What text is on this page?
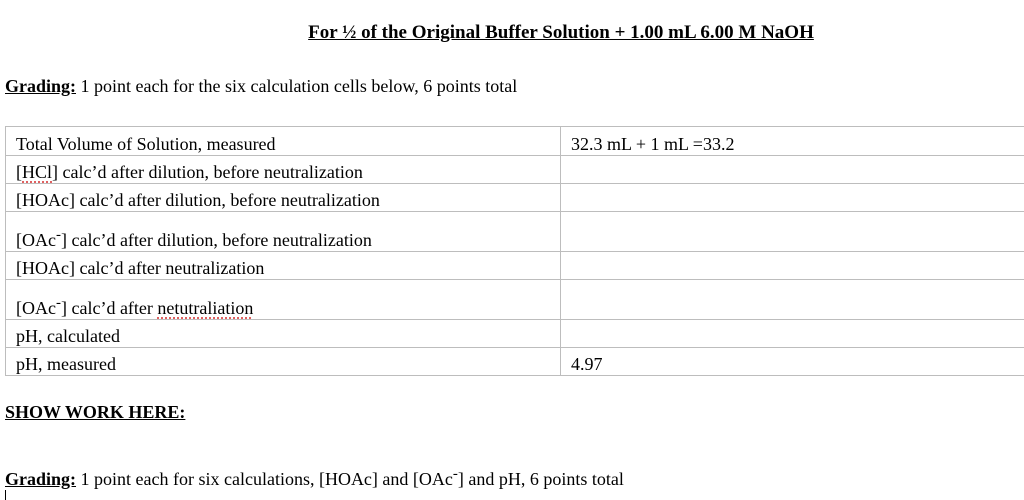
For ½ of the Original Buffer Solution + 1.00 mL 6.00 M NaOH
Grading: 1 point each for the six calculation cells below, 6 points total
Total Volume of Solution, measured	32.3 mL + 1 mL =33.2
[HCl] calc’d after dilution, before neutralization	
[HOAc] calc’d after dilution, before neutralization	
[OAc-] calc’d after dilution, before neutralization	
[HOAc] calc’d after neutralization	
[OAc-] calc’d after netutraliation	
pH, calculated	
pH, measured	4.97
SHOW WORK HERE:
Grading: 1 point each for six calculations, [HOAc] and [OAc-] and pH, 6 points total
